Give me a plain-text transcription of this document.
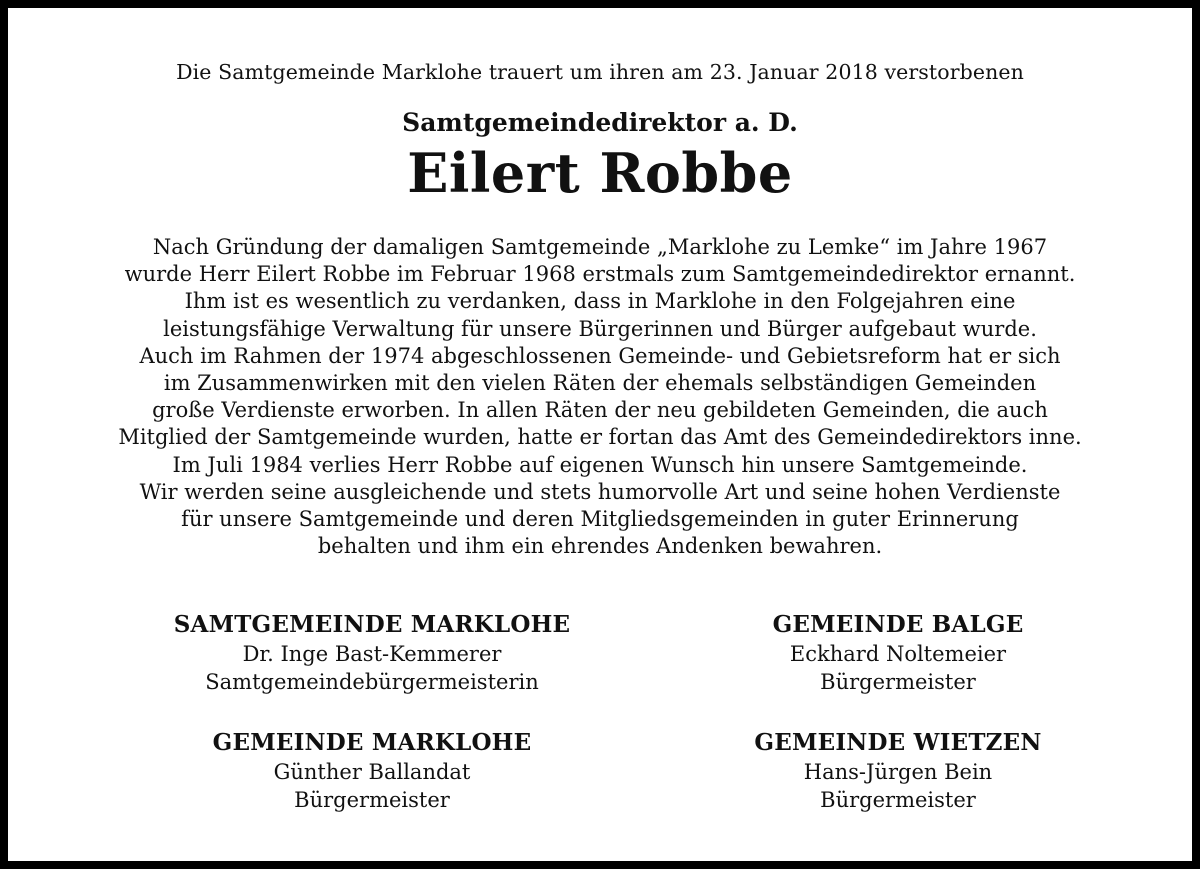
Die Samtgemeinde Marklohe trauert um ihren am 23. Januar 2018 verstorbenen
Samtgemeindedirektor a. D.
Eilert Robbe
Nach Gründung der damaligen Samtgemeinde „Marklohe zu Lemke“ im Jahre 1967
wurde Herr Eilert Robbe im Februar 1968 erstmals zum Samtgemeindedirektor ernannt.
Ihm ist es wesentlich zu verdanken, dass in Marklohe in den Folgejahren eine
leistungsfähige Verwaltung für unsere Bürgerinnen und Bürger aufgebaut wurde.
Auch im Rahmen der 1974 abgeschlossenen Gemeinde- und Gebietsreform hat er sich
im Zusammenwirken mit den vielen Räten der ehemals selbständigen Gemeinden
große Verdienste erworben. In allen Räten der neu gebildeten Gemeinden, die auch
Mitglied der Samtgemeinde wurden, hatte er fortan das Amt des Gemeindedirektors inne.
Im Juli 1984 verlies Herr Robbe auf eigenen Wunsch hin unsere Samtgemeinde.
Wir werden seine ausgleichende und stets humorvolle Art und seine hohen Verdienste
für unsere Samtgemeinde und deren Mitgliedsgemeinden in guter Erinnerung
behalten und ihm ein ehrendes Andenken bewahren.
SAMTGEMEINDE MARKLOHE
Dr. Inge Bast-Kemmerer
Samtgemeindebürgermeisterin
GEMEINDE BALGE
Eckhard Noltemeier
Bürgermeister
GEMEINDE MARKLOHE
Günther Ballandat
Bürgermeister
GEMEINDE WIETZEN
Hans-Jürgen Bein
Bürgermeister
